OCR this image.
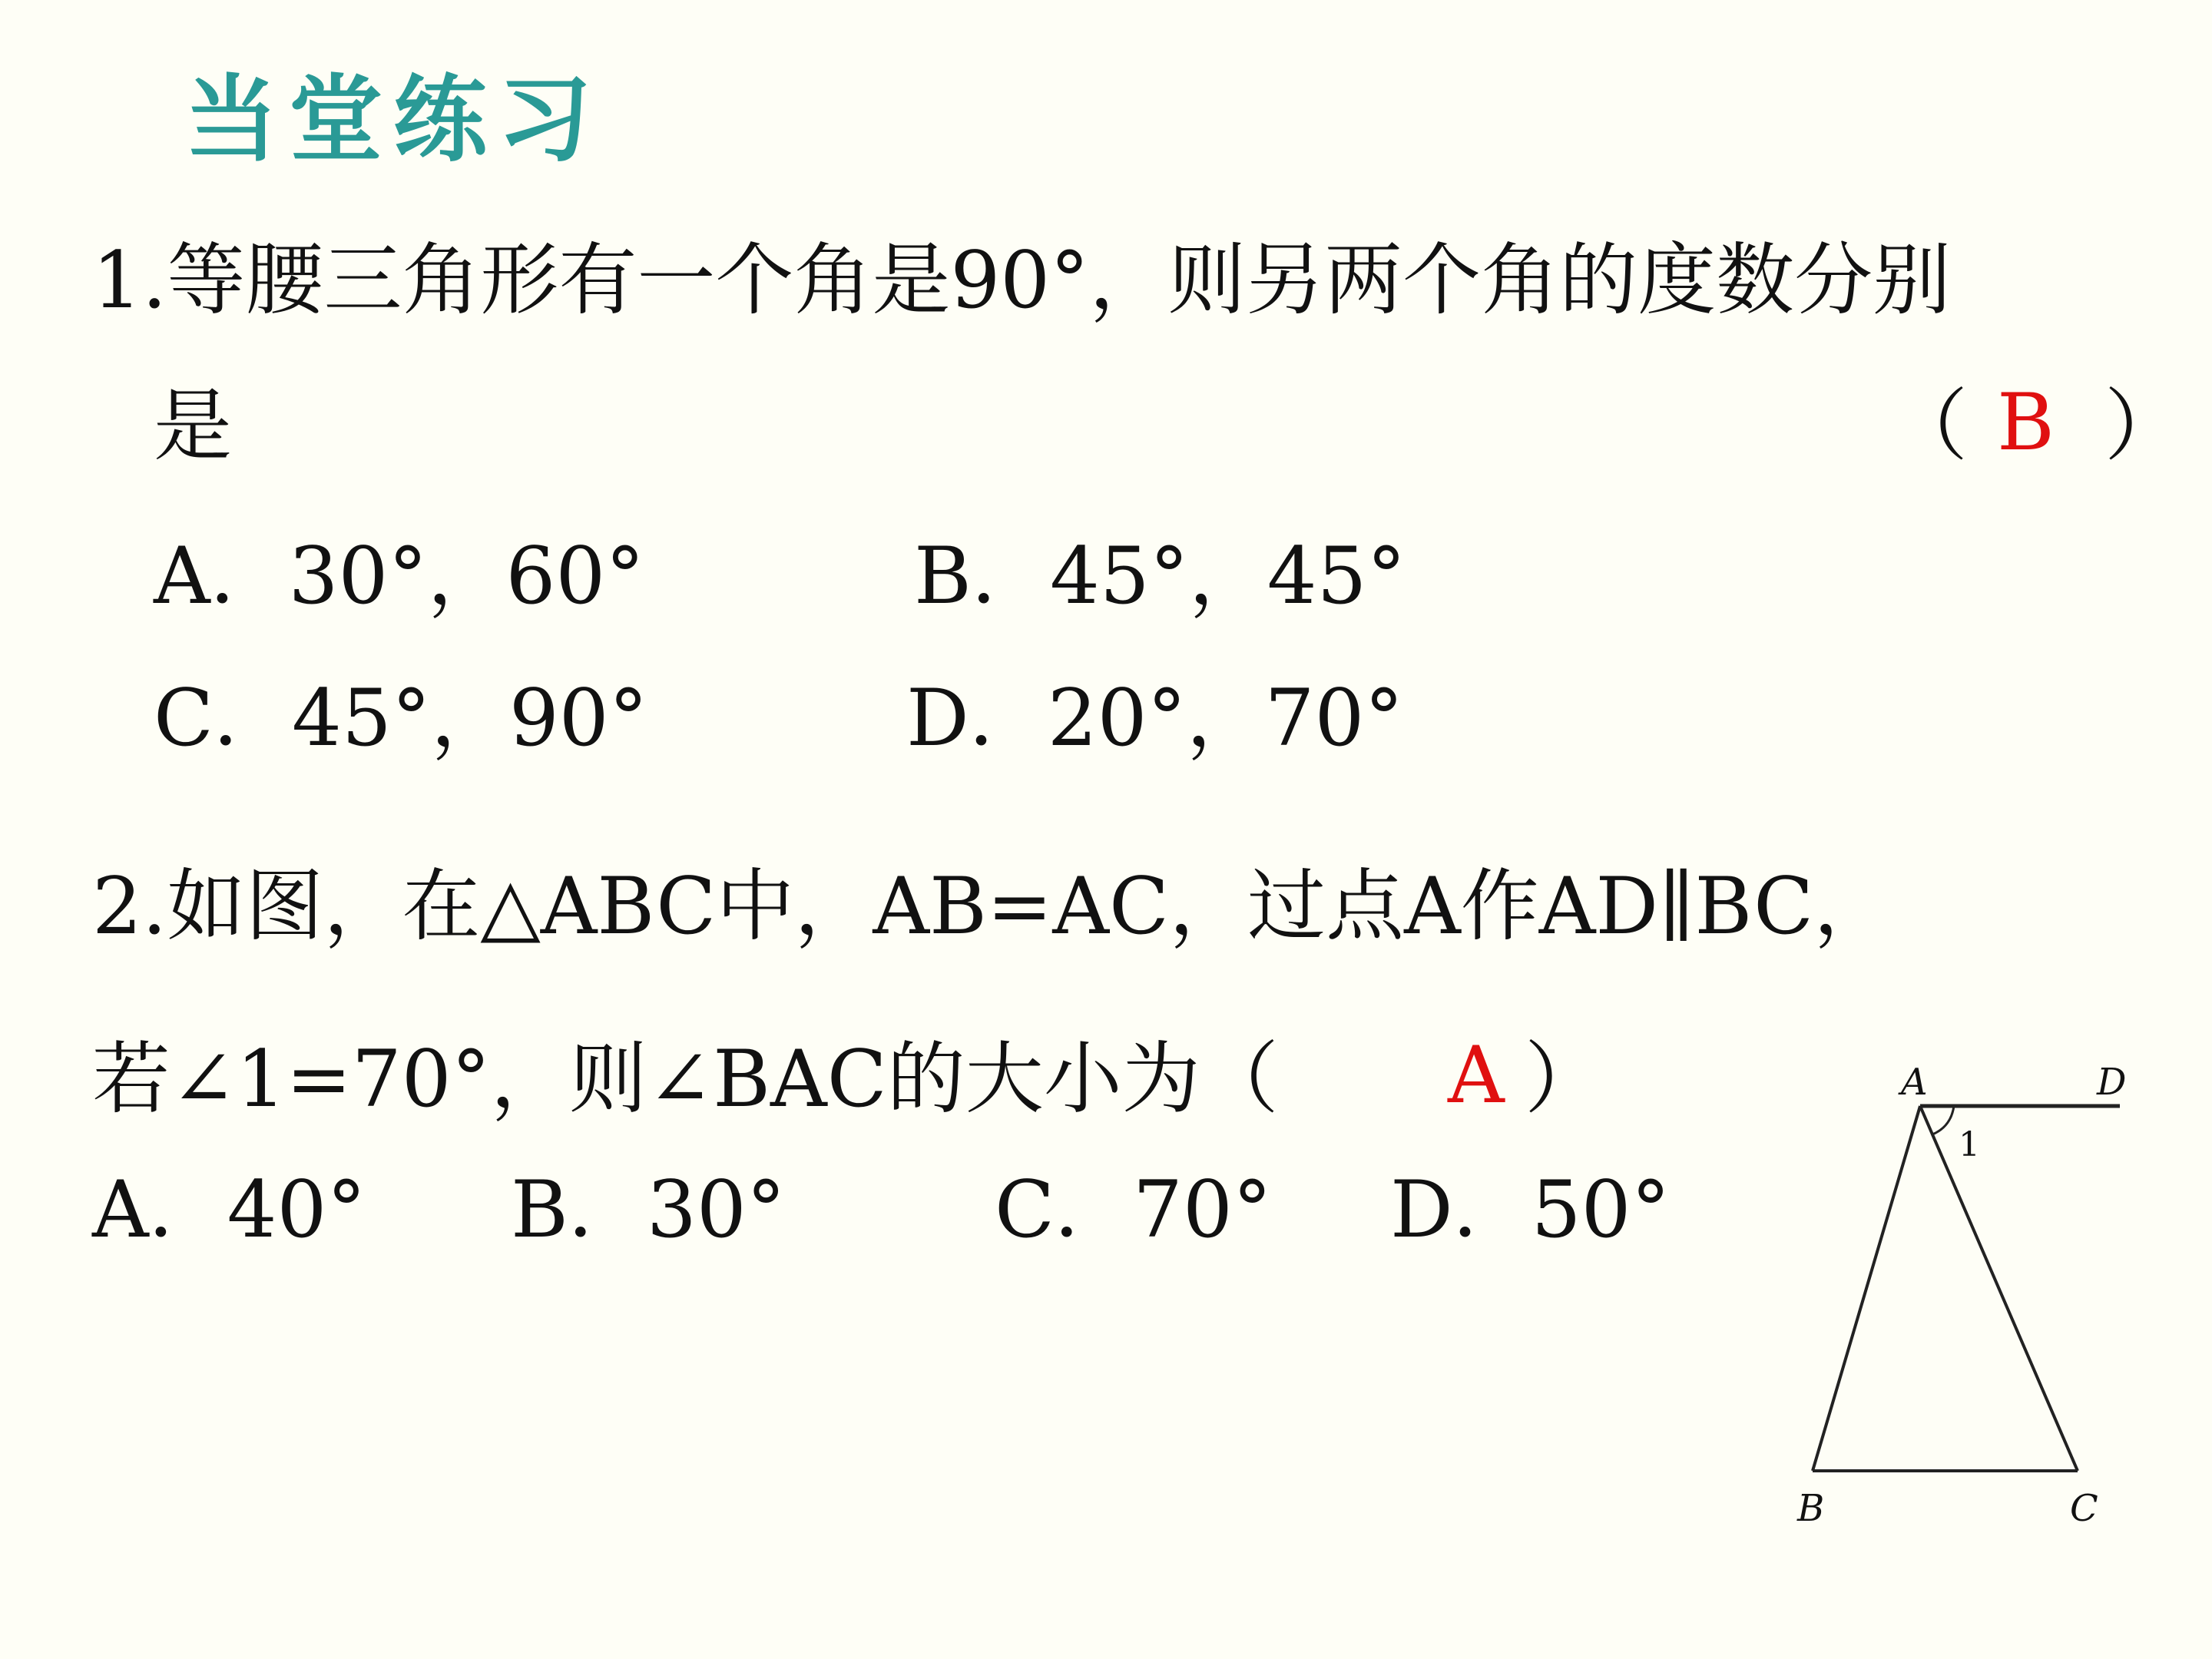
当堂练习
1.等腰三角形有一个角是90°，则另两个角的度数分别
是	（ B ）
A．30°，60°	B．45°，45°
C．45°，90°	D．20°，70°
2.如图，在△ABC中，AB=AC，过点A作AD∥BC，
若∠1=70°，则∠BAC的大小为（ A ）
A．40° B．30°	C．70° D．50°
A	D
1
B	C
